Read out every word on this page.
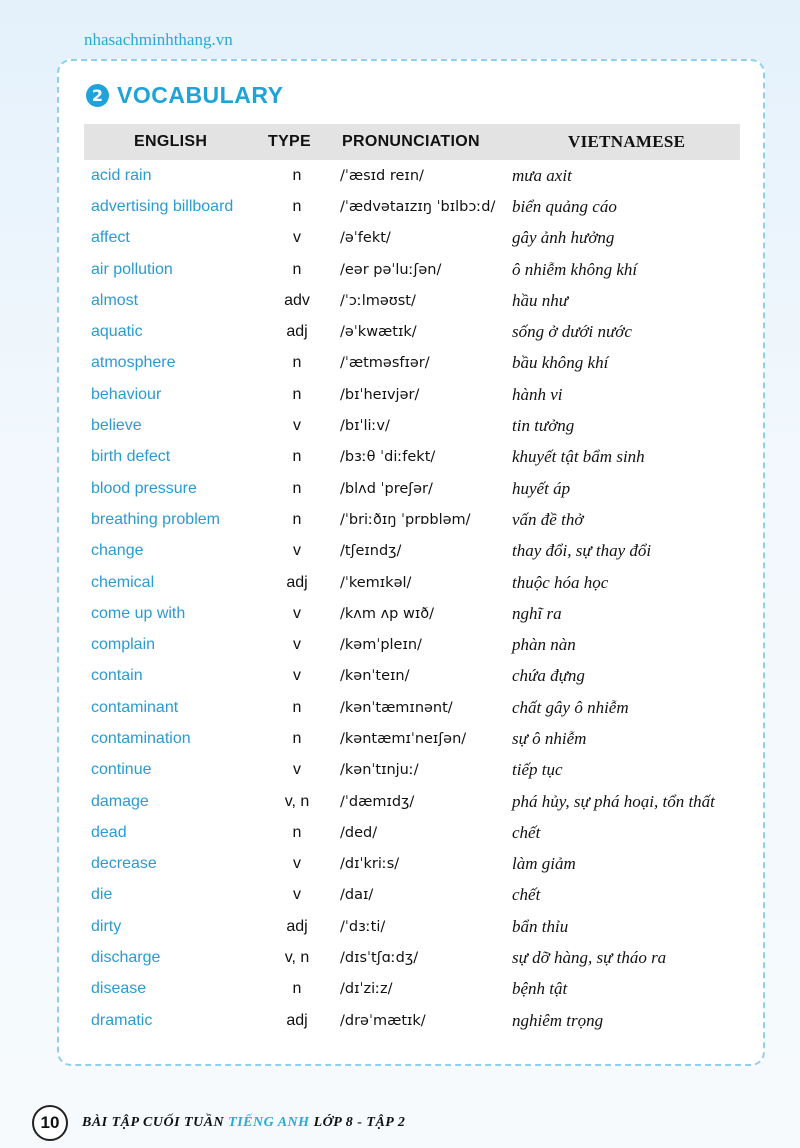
nhasachminhthang.vn
2 VOCABULARY
ENGLISH	TYPE	PRONUNCIATION	VIETNAMESE
acid rain	n	/ˈæsɪd reɪn/	mưa axit
advertising billboard	n	/ˈædvətaɪzɪŋ ˈbɪlbɔːd/	biển quảng cáo
affect	v	/əˈfekt/	gây ảnh hưởng
air pollution	n	/eər pəˈluːʃən/	ô nhiễm không khí
almost	adv	/ˈɔːlməʊst/	hầu như
aquatic	adj	/əˈkwætɪk/	sống ở dưới nước
atmosphere	n	/ˈætməsfɪər/	bầu không khí
behaviour	n	/bɪˈheɪvjər/	hành vi
believe	v	/bɪˈliːv/	tin tưởng
birth defect	n	/bɜːθ ˈdiːfekt/	khuyết tật bẩm sinh
blood pressure	n	/blʌd ˈpreʃər/	huyết áp
breathing problem	n	/ˈbriːðɪŋ ˈprɒbləm/	vấn đề thở
change	v	/tʃeɪndʒ/	thay đổi, sự thay đổi
chemical	adj	/ˈkemɪkəl/	thuộc hóa học
come up with	v	/kʌm ʌp wɪð/	nghĩ ra
complain	v	/kəmˈpleɪn/	phàn nàn
contain	v	/kənˈteɪn/	chứa đựng
contaminant	n	/kənˈtæmɪnənt/	chất gây ô nhiễm
contamination	n	/kəntæmɪˈneɪʃən/	sự ô nhiễm
continue	v	/kənˈtɪnjuː/	tiếp tục
damage	v, n	/ˈdæmɪdʒ/	phá hủy, sự phá hoại, tổn thất
dead	n	/ded/	chết
decrease	v	/dɪˈkriːs/	làm giảm
die	v	/daɪ/	chết
dirty	adj	/ˈdɜːti/	bẩn thỉu
discharge	v, n	/dɪsˈtʃɑːdʒ/	sự dỡ hàng, sự tháo ra
disease	n	/dɪˈziːz/	bệnh tật
dramatic	adj	/drəˈmætɪk/	nghiêm trọng
10	BÀI TẬP CUỐI TUẦN TIẾNG ANH LỚP 8 - TẬP 2
